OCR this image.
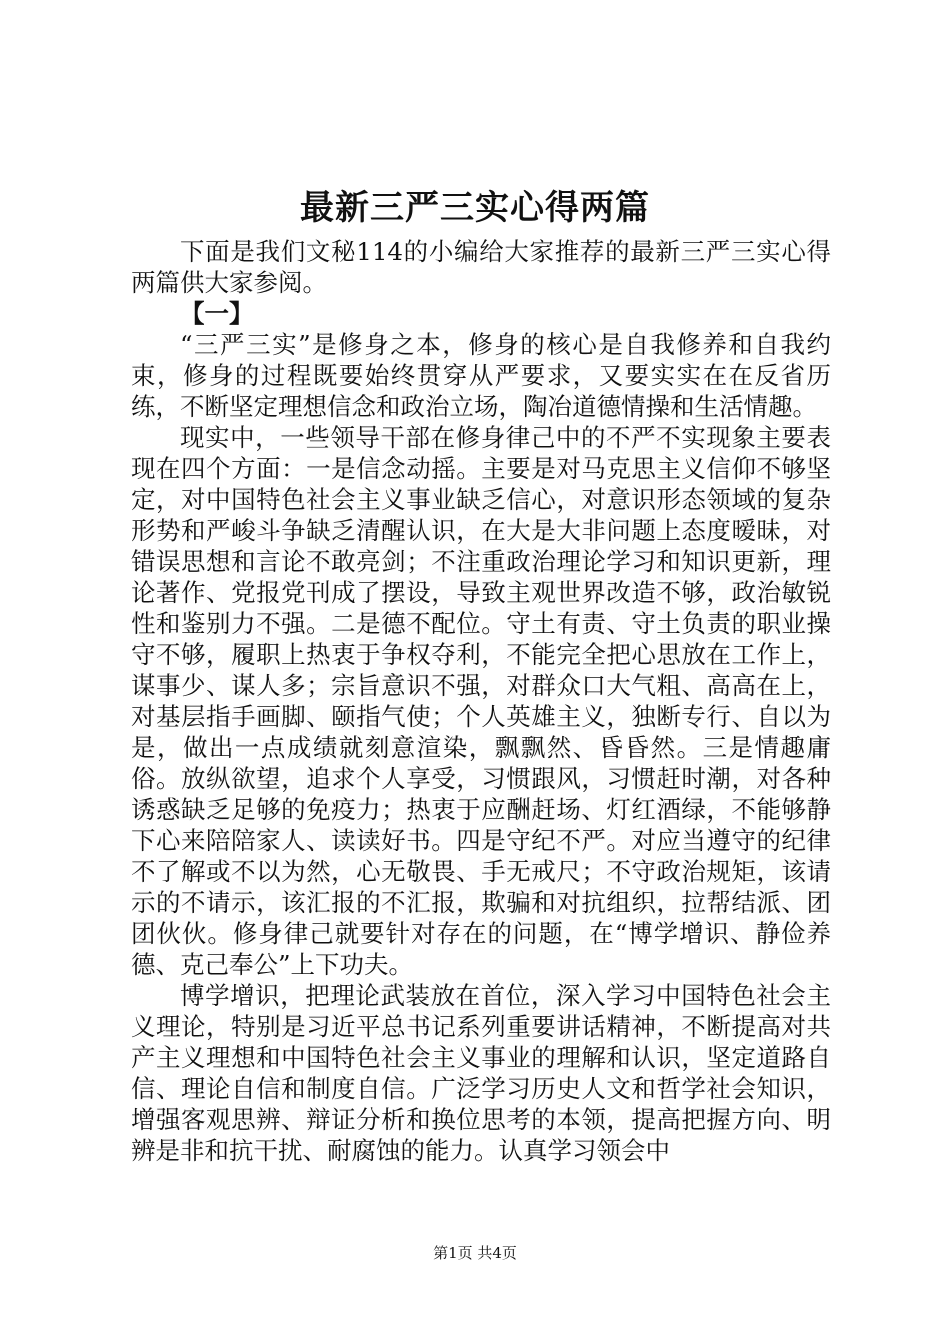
最新三严三实心得两篇

下面是我们文秘114的小编给大家推荐的最新三严三实心得两篇供大家参阅。

【一】

“三严三实”是修身之本，修身的核心是自我修养和自我约束，修身的过程既要始终贯穿从严要求，又要实实在在反省历练，不断坚定理想信念和政治立场，陶冶道德情操和生活情趣。

现实中，一些领导干部在修身律己中的不严不实现象主要表现在四个方面：一是信念动摇。主要是对马克思主义信仰不够坚定，对中国特色社会主义事业缺乏信心，对意识形态领域的复杂形势和严峻斗争缺乏清醒认识，在大是大非问题上态度暧昧，对错误思想和言论不敢亮剑；不注重政治理论学习和知识更新，理论著作、党报党刊成了摆设，导致主观世界改造不够，政治敏锐性和鉴别力不强。二是德不配位。守土有责、守土负责的职业操守不够，履职上热衷于争权夺利，不能完全把心思放在工作上，谋事少、谋人多；宗旨意识不强，对群众口大气粗、高高在上，对基层指手画脚、颐指气使；个人英雄主义，独断专行、自以为是，做出一点成绩就刻意渲染，飘飘然、昏昏然。三是情趣庸俗。放纵欲望，追求个人享受，习惯跟风，习惯赶时潮，对各种诱惑缺乏足够的免疫力；热衷于应酬赶场、灯红酒绿，不能够静下心来陪陪家人、读读好书。四是守纪不严。对应当遵守的纪律不了解或不以为然，心无敬畏、手无戒尺；不守政治规矩，该请示的不请示，该汇报的不汇报，欺骗和对抗组织，拉帮结派、团团伙伙。修身律己就要针对存在的问题，在“博学增识、静俭养德、克己奉公”上下功夫。

博学增识，把理论武装放在首位，深入学习中国特色社会主义理论，特别是习近平总书记系列重要讲话精神，不断提高对共产主义理想和中国特色社会主义事业的理解和认识，坚定道路自信、理论自信和制度自信。广泛学习历史人文和哲学社会知识，增强客观思辨、辩证分析和换位思考的本领，提高把握方向、明辨是非和抗干扰、耐腐蚀的能力。认真学习领会中

第1页 共4页
